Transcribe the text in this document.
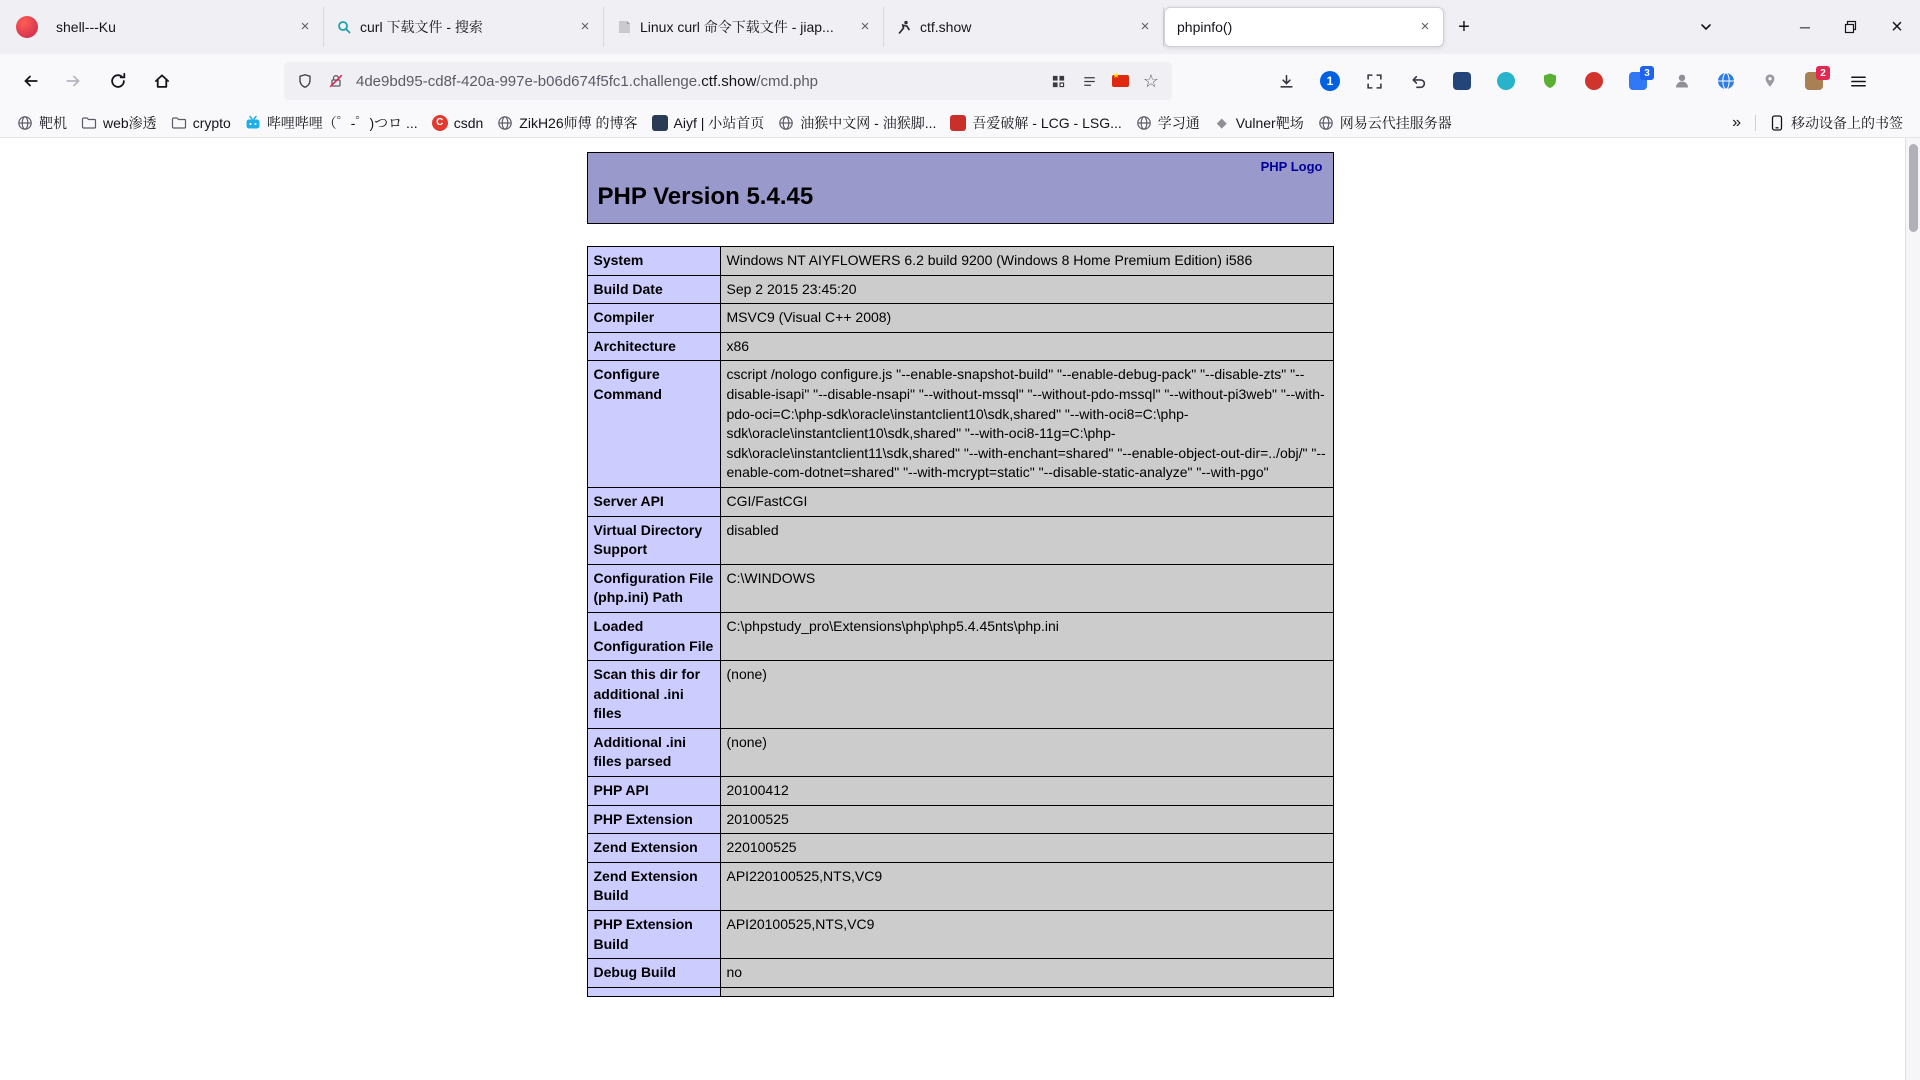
shell---Ku	×	curl 下载文件 - 搜索	×	Linux curl 命令下载文件 - jiap...	×	ctf.show	×	phpinfo()	×	+	─	×
4de9bd95-cd8f-420a-997e-b06d674f5fc1.challenge.ctf.show/cmd.php	★ ☆	1
3	2
靶机	web渗透	crypto	哔哩哔哩（゜-゜)つロ ...	C csdn	ZikH26师傅 的博客	Aiyf | 小站首页	油猴中文网 - 油猴脚...	吾爱破解 - LCG - LSG...	学习通 ◆ Vulner靶场	网易云代挂服务器	»	移动设备上的书签
PHP Logo
PHP Version 5.4.45
System	Windows NT AIYFLOWERS 6.2 build 9200 (Windows 8 Home Premium Edition) i586
Build Date	Sep 2 2015 23:45:20
Compiler	MSVC9 (Visual C++ 2008)
Architecture	x86
Configure Command	cscript /nologo configure.js "--enable-snapshot-build" "--enable-debug-pack" "--disable-zts" "--disable-isapi" "--disable-nsapi" "--without-mssql" "--without-pdo-mssql" "--without-pi3web" "--with-pdo-oci=C:\php-sdk\oracle\instantclient10\sdk,shared" "--with-oci8=C:\php-sdk\oracle\instantclient10\sdk,shared" "--with-oci8-11g=C:\php-sdk\oracle\instantclient11\sdk,shared" "--with-enchant=shared" "--enable-object-out-dir=../obj/" "--enable-com-dotnet=shared" "--with-mcrypt=static" "--disable-static-analyze" "--with-pgo"
Server API	CGI/FastCGI
Virtual Directory Support	disabled
Configuration File (php.ini) Path	C:\WINDOWS
Loaded Configuration File	C:\phpstudy_pro\Extensions\php\php5.4.45nts\php.ini
Scan this dir for additional .ini files	(none)
Additional .ini files parsed	(none)
PHP API	20100412
PHP Extension	20100525
Zend Extension	220100525
Zend Extension Build	API220100525,NTS,VC9
PHP Extension Build	API20100525,NTS,VC9
Debug Build	no
